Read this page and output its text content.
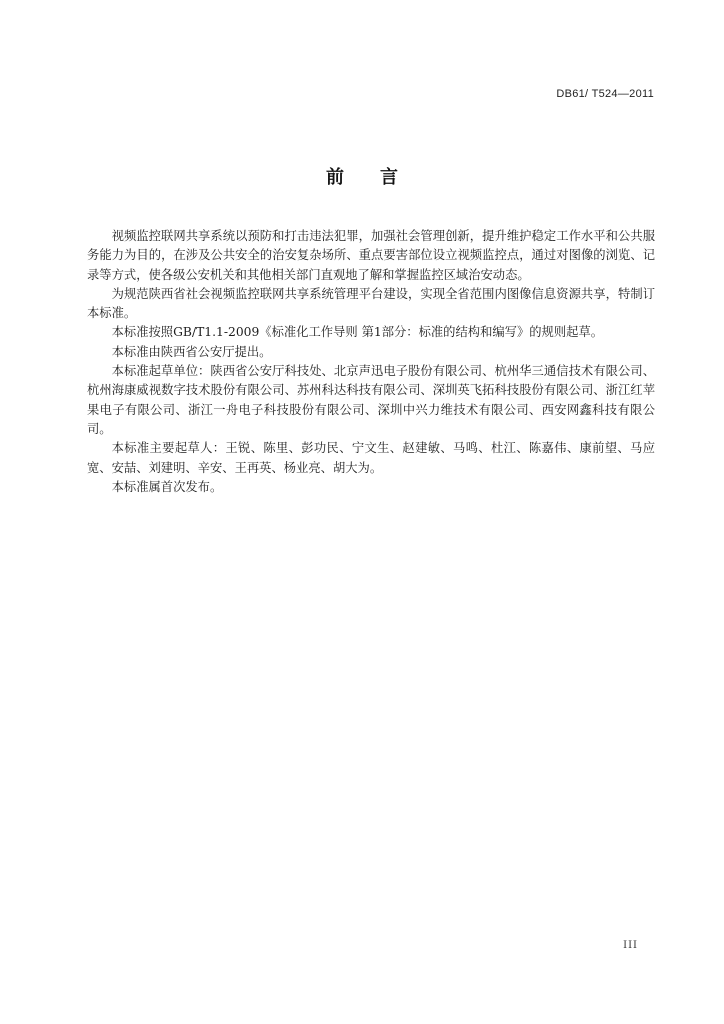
DB61/ T524—2011
前言

视频监控联网共享系统以预防和打击违法犯罪，加强社会管理创新，提升维护稳定工作水平和公共服务能力为目的，在涉及公共安全的治安复杂场所、重点要害部位设立视频监控点，通过对图像的浏览、记录等方式，使各级公安机关和其他相关部门直观地了解和掌握监控区域治安动态。

为规范陕西省社会视频监控联网共享系统管理平台建设，实现全省范围内图像信息资源共享，特制订本标准。

本标准按照GB/T1.1-2009《标准化工作导则 第1部分：标准的结构和编写》的规则起草。

本标准由陕西省公安厅提出。

本标准起草单位：陕西省公安厅科技处、北京声迅电子股份有限公司、杭州华三通信技术有限公司、杭州海康威视数字技术股份有限公司、苏州科达科技有限公司、深圳英飞拓科技股份有限公司、浙江红苹果电子有限公司、浙江一舟电子科技股份有限公司、深圳中兴力维技术有限公司、西安网鑫科技有限公司。

本标准主要起草人：王锐、陈里、彭功民、宁文生、赵建敏、马鸣、杜江、陈嘉伟、康前望、马应宽、安喆、刘建明、辛安、王再英、杨业亮、胡大为。

本标准属首次发布。

III
